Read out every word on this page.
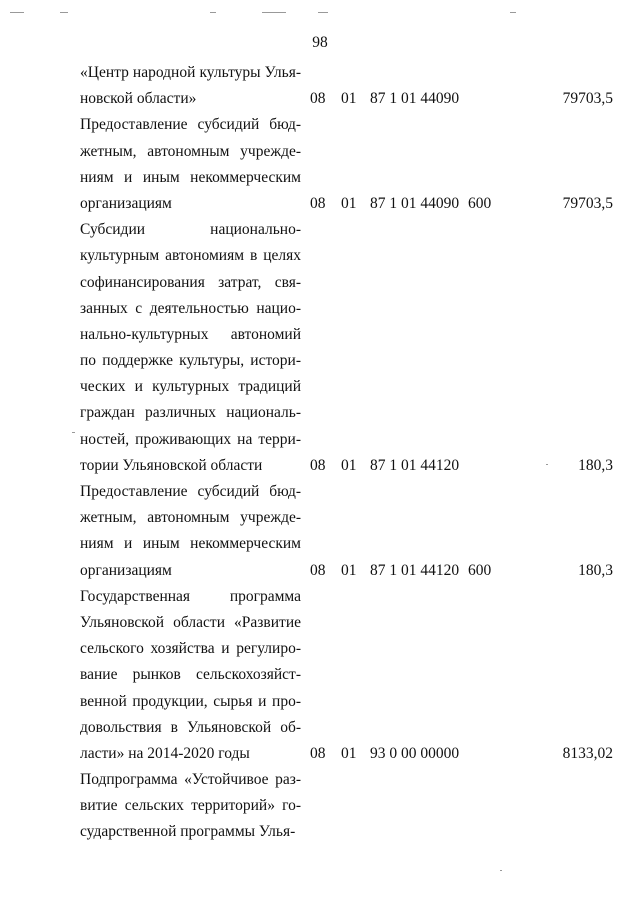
98
«Центр народной культуры Улья-
новской области»	08 01 87 1 01 44090	79703,5
Предоставление субсидий бюд-
жетным, автономным учрежде-
ниям и иным некоммерческим
организациям	08 01 87 1 01 44090 600	79703,5
Субсидии национально-
культурным автономиям в целях
софинансирования затрат, свя-
занных с деятельностью нацио-
нально-культурных автономий
по поддержке культуры, истори-
ческих и культурных традиций
граждан различных националь-
ностей, проживающих на терри-
тории Ульяновской области	08 01 87 1 01 44120	180,3
Предоставление субсидий бюд-
жетным, автономным учрежде-
ниям и иным некоммерческим
организациям	08 01 87 1 01 44120 600	180,3
Государственная программа
Ульяновской области «Развитие
сельского хозяйства и регулиро-
вание рынков сельскохозяйст-
венной продукции, сырья и про-
довольствия в Ульяновской об-
ласти» на 2014-2020 годы	08 01 93 0 00 00000	8133,02
Подпрограмма «Устойчивое раз-
витие сельских территорий» го-
сударственной программы Улья-
